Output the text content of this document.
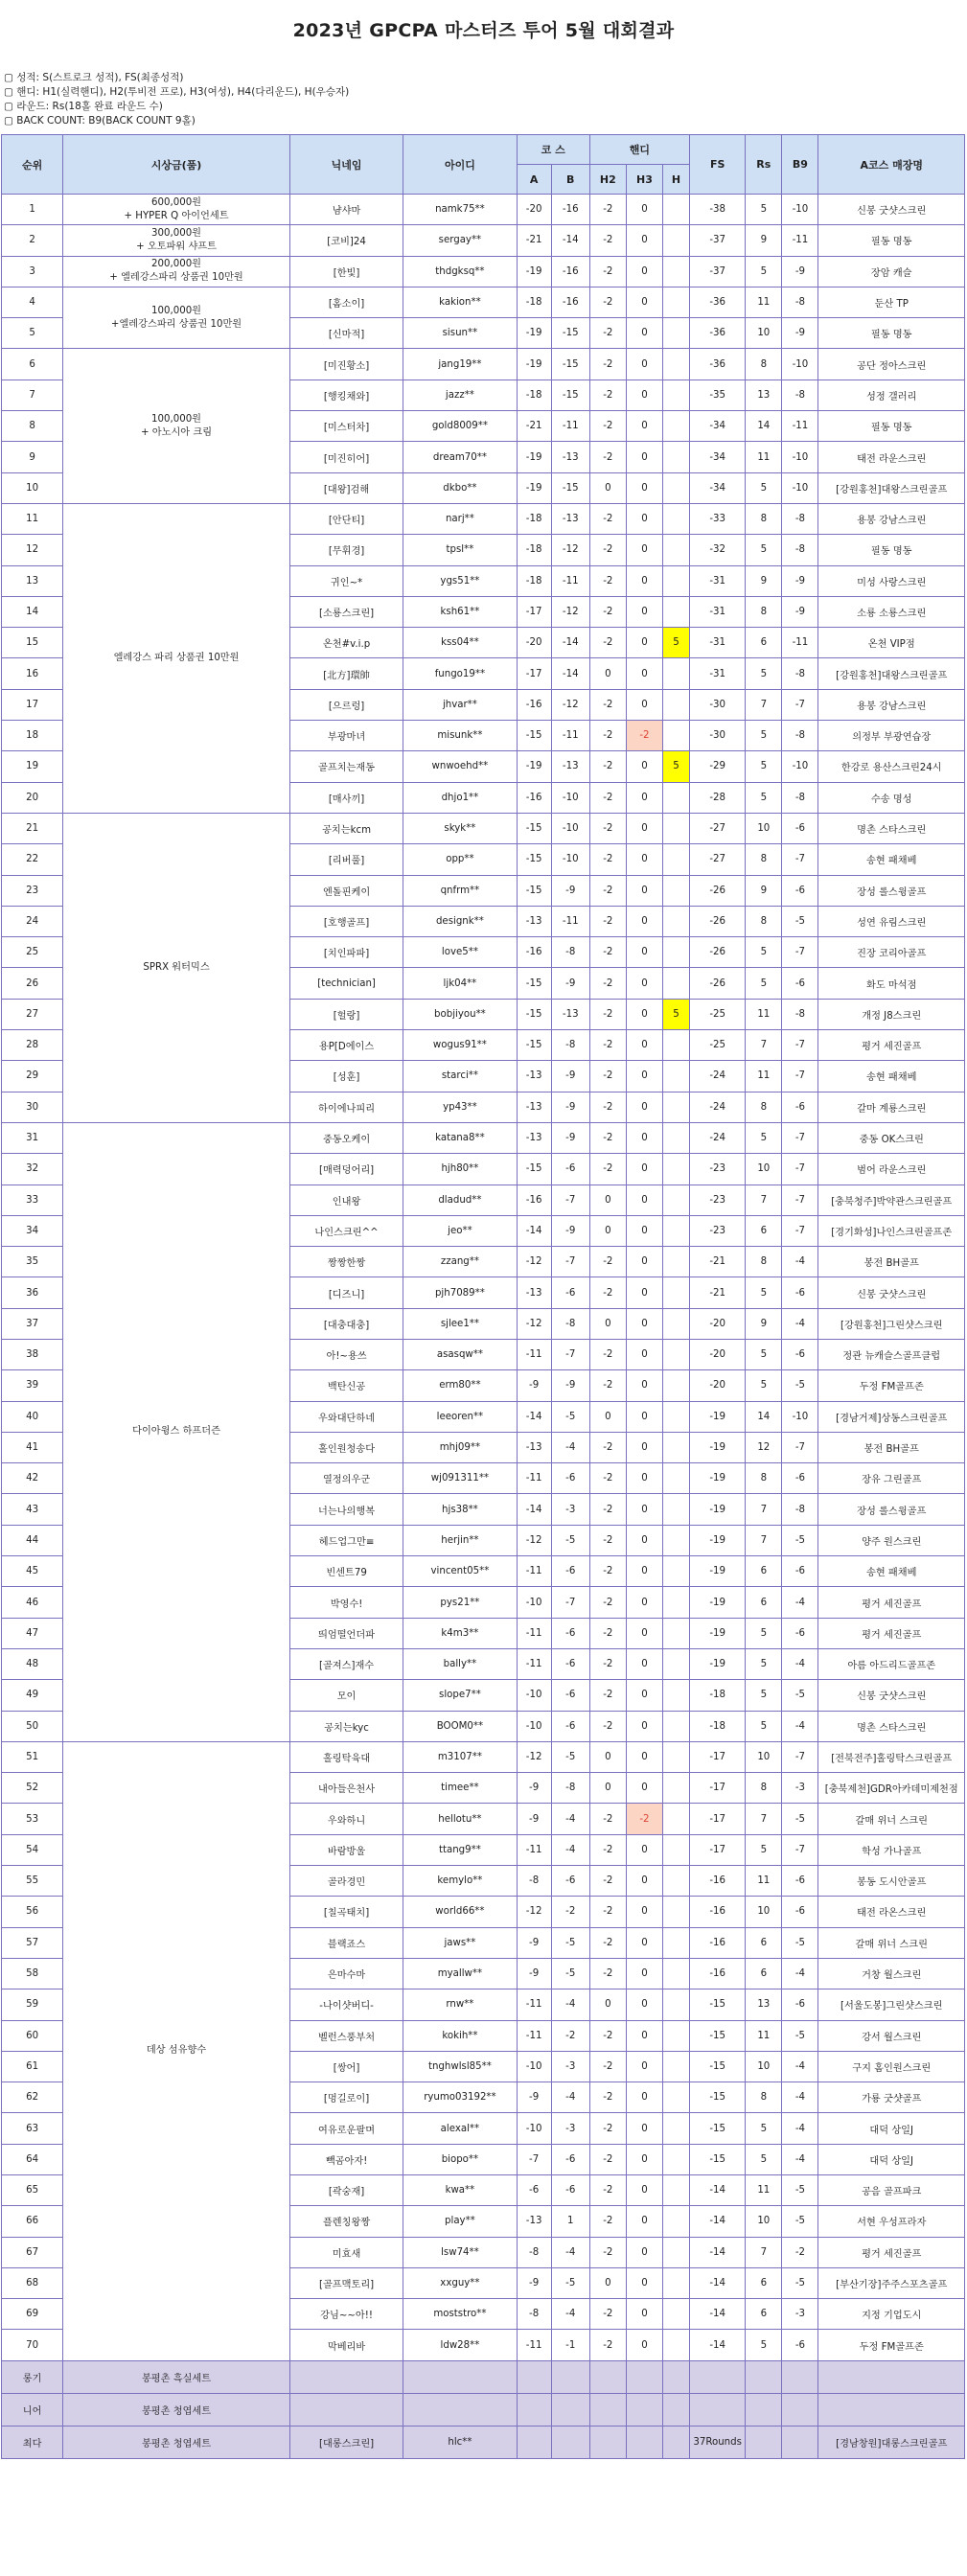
2023년 GPCPA 마스터즈 투어 5월 대회결과
▢ 성적: S(스트로크 성적), FS(최종성적)
▢ 핸디: H1(실력핸디), H2(투비전 프로), H3(여성), H4(다리운드), H(우승자)
▢ 라운드: Rs(18홀 완료 라운드 수)
▢ BACK COUNT: B9(BACK COUNT 9홀)
순위	시상금(품)	닉네임	아이디	코 스		핸디			FS	Rs	B9	A코스 매장명
				A	B	H2	H3	H				
1	600,000원
+ HYPER Q 아이언세트	냠샤마	namk75**	-20	-16	-2	0		-38	5	-10	신봉 굿샷스크린
2	300,000원
+ 오토파워 샤프트	[코비]24	sergay**	-21	-14	-2	0		-37	9	-11	필동 명동
3	200,000원
+ 엘레강스파리 상품권 10만원	[한빛]	thdgksq**	-19	-16	-2	0		-37	5	-9	장암 캐슬
4	100,000원
+엘레강스파리 상품권 10만원	[홈소이]	kakion**	-18	-16	-2	0		-36	11	-8	둔산 TP
5		[신마적]	sisun**	-19	-15	-2	0		-36	10	-9	필동 명동
6	100,000원
+ 아노시아 크림	[미진황소]	jang19**	-19	-15	-2	0		-36	8	-10	공단 정아스크린
7		[행킹채와]	jazz**	-18	-15	-2	0		-35	13	-8	성정 갤러리
8		[미스터차]	gold8009**	-21	-11	-2	0		-34	14	-11	필동 명동
9		[미진히어]	dream70**	-19	-13	-2	0		-34	11	-10	태전 라운스크린
10		[대왕]검해	dkbo**	-19	-15	0	0		-34	5	-10	[강원홍천]대왕스크린골프
11	엘레강스 파리 상품권 10만원	[안단티]	narj**	-18	-13	-2	0		-33	8	-8	용봉 강남스크린
12		[무휘경]	tpsl**	-18	-12	-2	0		-32	5	-8	필동 명동
13		귀인~*	ygs51**	-18	-11	-2	0		-31	9	-9	미성 사랑스크린
14		[소룡스크린]	ksh61**	-17	-12	-2	0		-31	8	-9	소룡 소룡스크린
15		온천#v.i.p	kss04**	-20	-14	-2	0	5	-31	6	-11	온천 VIP점
16		[北方]環帥	fungo19**	-17	-14	0	0		-31	5	-8	[강원홍천]대왕스크린골프
17		[으르렁]	jhvar**	-16	-12	-2	0		-30	7	-7	용봉 강남스크린
18		부광마녀	misunk**	-15	-11	-2	-2		-30	5	-8	의정부 부광연습장
19		골프치는재동	wnwoehd**	-19	-13	-2	0	5	-29	5	-10	한강로 용산스크린24시
20		[매사끼]	dhjo1**	-16	-10	-2	0		-28	5	-8	수송 명성
21	SPRX 워터믹스	공치는kcm	skyk**	-15	-10	-2	0		-27	10	-6	명촌 스타스크린
22		[리버풀]	opp**	-15	-10	-2	0		-27	8	-7	송현 패채베
23		엔돌핀케이	qnfrm**	-15	-9	-2	0		-26	9	-6	장성 롤스윙골프
24		[호행골프]	designk**	-13	-11	-2	0		-26	8	-5	성연 유림스크린
25		[치인파파]	love5**	-16	-8	-2	0		-26	5	-7	진장 코리아골프
26		[technician]	ljk04**	-15	-9	-2	0		-26	5	-6	화도 마석점
27		[헐랑]	bobjiyou**	-15	-13	-2	0	5	-25	11	-8	개정 J8스크린
28		용P[D에이스	wogus91**	-15	-8	-2	0		-25	7	-7	평거 세진골프
29		[성훈]	starci**	-13	-9	-2	0		-24	11	-7	송현 패채베
30		하이에나피리	yp43**	-13	-9	-2	0		-24	8	-6	갈마 계룡스크린
31	다이아윙스 하프더즌	중동오케이	katana8**	-13	-9	-2	0		-24	5	-7	중동 OK스크린
32		[매력덩어리]	hjh80**	-15	-6	-2	0		-23	10	-7	범어 라운스크린
33		인내왕	dladud**	-16	-7	0	0		-23	7	-7	[충북청주]박약관스크린골프
34		나인스크린^^	jeo**	-14	-9	0	0		-23	6	-7	[경기화성]나인스크린골프존
35		짱짱한짱	zzang**	-12	-7	-2	0		-21	8	-4	봉전 BH골프
36		[디즈니]	pjh7089**	-13	-6	-2	0		-21	5	-6	신봉 굿샷스크린
37		[대충대충]	sjlee1**	-12	-8	0	0		-20	9	-4	[강원홍천]그린샷스크린
38		아!~용쓰	asasqw**	-11	-7	-2	0		-20	5	-6	정관 뉴캐슬스골프클럽
39		백탄신공	erm80**	-9	-9	-2	0		-20	5	-5	두정 FM골프존
40		우와대단하네	leeoren**	-14	-5	0	0		-19	14	-10	[경남거제]상동스크린골프
41		홀인원청송다	mhj09**	-13	-4	-2	0		-19	12	-7	봉전 BH골프
42		열정의우군	wj091311**	-11	-6	-2	0		-19	8	-6	장유 그린골프
43		너는나의행복	hjs38**	-14	-3	-2	0		-19	7	-8	장성 롤스윙골프
44		헤드업그만≡	herjin**	-12	-5	-2	0		-19	7	-5	양주 원스크린
45		빈센트79	vincent05**	-11	-6	-2	0		-19	6	-6	송현 패채베
46		박영수!	pys21**	-10	-7	-2	0		-19	6	-4	평거 세진골프
47		띄엄떨언더파	k4m3**	-11	-6	-2	0		-19	5	-6	평거 세진골프
48		[골져스]재수	bally**	-11	-6	-2	0		-19	5	-4	아름 아드리드골프존
49		모이	slope7**	-10	-6	-2	0		-18	5	-5	신봉 굿샷스크린
50		공치는kyc	BOOM0**	-10	-6	-2	0		-18	5	-4	명촌 스타스크린
51	데상 섬유향수	홀링탁육대	m3107**	-12	-5	0	0		-17	10	-7	[전북전주]홀링탁스크린골프
52		내아들은천사	timee**	-9	-8	0	0		-17	8	-3	[충북제천]GDR아카데미제천점
53		우와하니	hellotu**	-9	-4	-2	-2		-17	7	-5	갈매 위너 스크린
54		바람방울	ttang9**	-11	-4	-2	0		-17	5	-7	학성 가나골프
55		골라경민	kemylo**	-8	-6	-2	0		-16	11	-6	봉동 도시안골프
56		[칠곡태치]	world66**	-12	-2	-2	0		-16	10	-6	태전 라온스크린
57		블랙죠스	jaws**	-9	-5	-2	0		-16	6	-5	갈매 위너 스크린
58		은마수마	myallw**	-9	-5	-2	0		-16	6	-4	거창 월스크린
59		-나이샷버디-	rnw**	-11	-4	0	0		-15	13	-6	[서울도봉]그린샷스크린
60		벨런스풍부처	kokih**	-11	-2	-2	0		-15	11	-5	강서 월스크린
61		[쌍어]	tnghwlsl85**	-10	-3	-2	0		-15	10	-4	구지 홈인원스크린
62		[멍길로이]	ryumo03192**	-9	-4	-2	0		-15	8	-4	가룡 굿샷골프
63		여유로운팔며	alexal**	-10	-3	-2	0		-15	5	-4	대덕 상일J
64		빽곰아자!	biopo**	-7	-6	-2	0		-15	5	-4	대덕 상일J
65		[곽숭재]	kwa**	-6	-6	-2	0		-14	11	-5	공음 골프파크
66		플렌칭왕짱	play**	-13	1	-2	0		-14	10	-5	서현 우성프라자
67		미효새	lsw74**	-8	-4	-2	0		-14	7	-2	평거 세진골프
68		[골프맥토리]	xxguy**	-9	-5	0	0		-14	6	-5	[부산기장]주주스포츠골프
69		강님~~아!!	moststro**	-8	-4	-2	0		-14	6	-3	지정 기업도시
70		막베리바	ldw28**	-11	-1	-2	0		-14	5	-6	두정 FM골프존
롱기	봉평촌 흑실세트											
니어	봉평촌 청엽세트											
최다	봉평촌 청엽세트	[대롱스크린]	hlc**						37Rounds			[경남창원]대롱스크린골프
